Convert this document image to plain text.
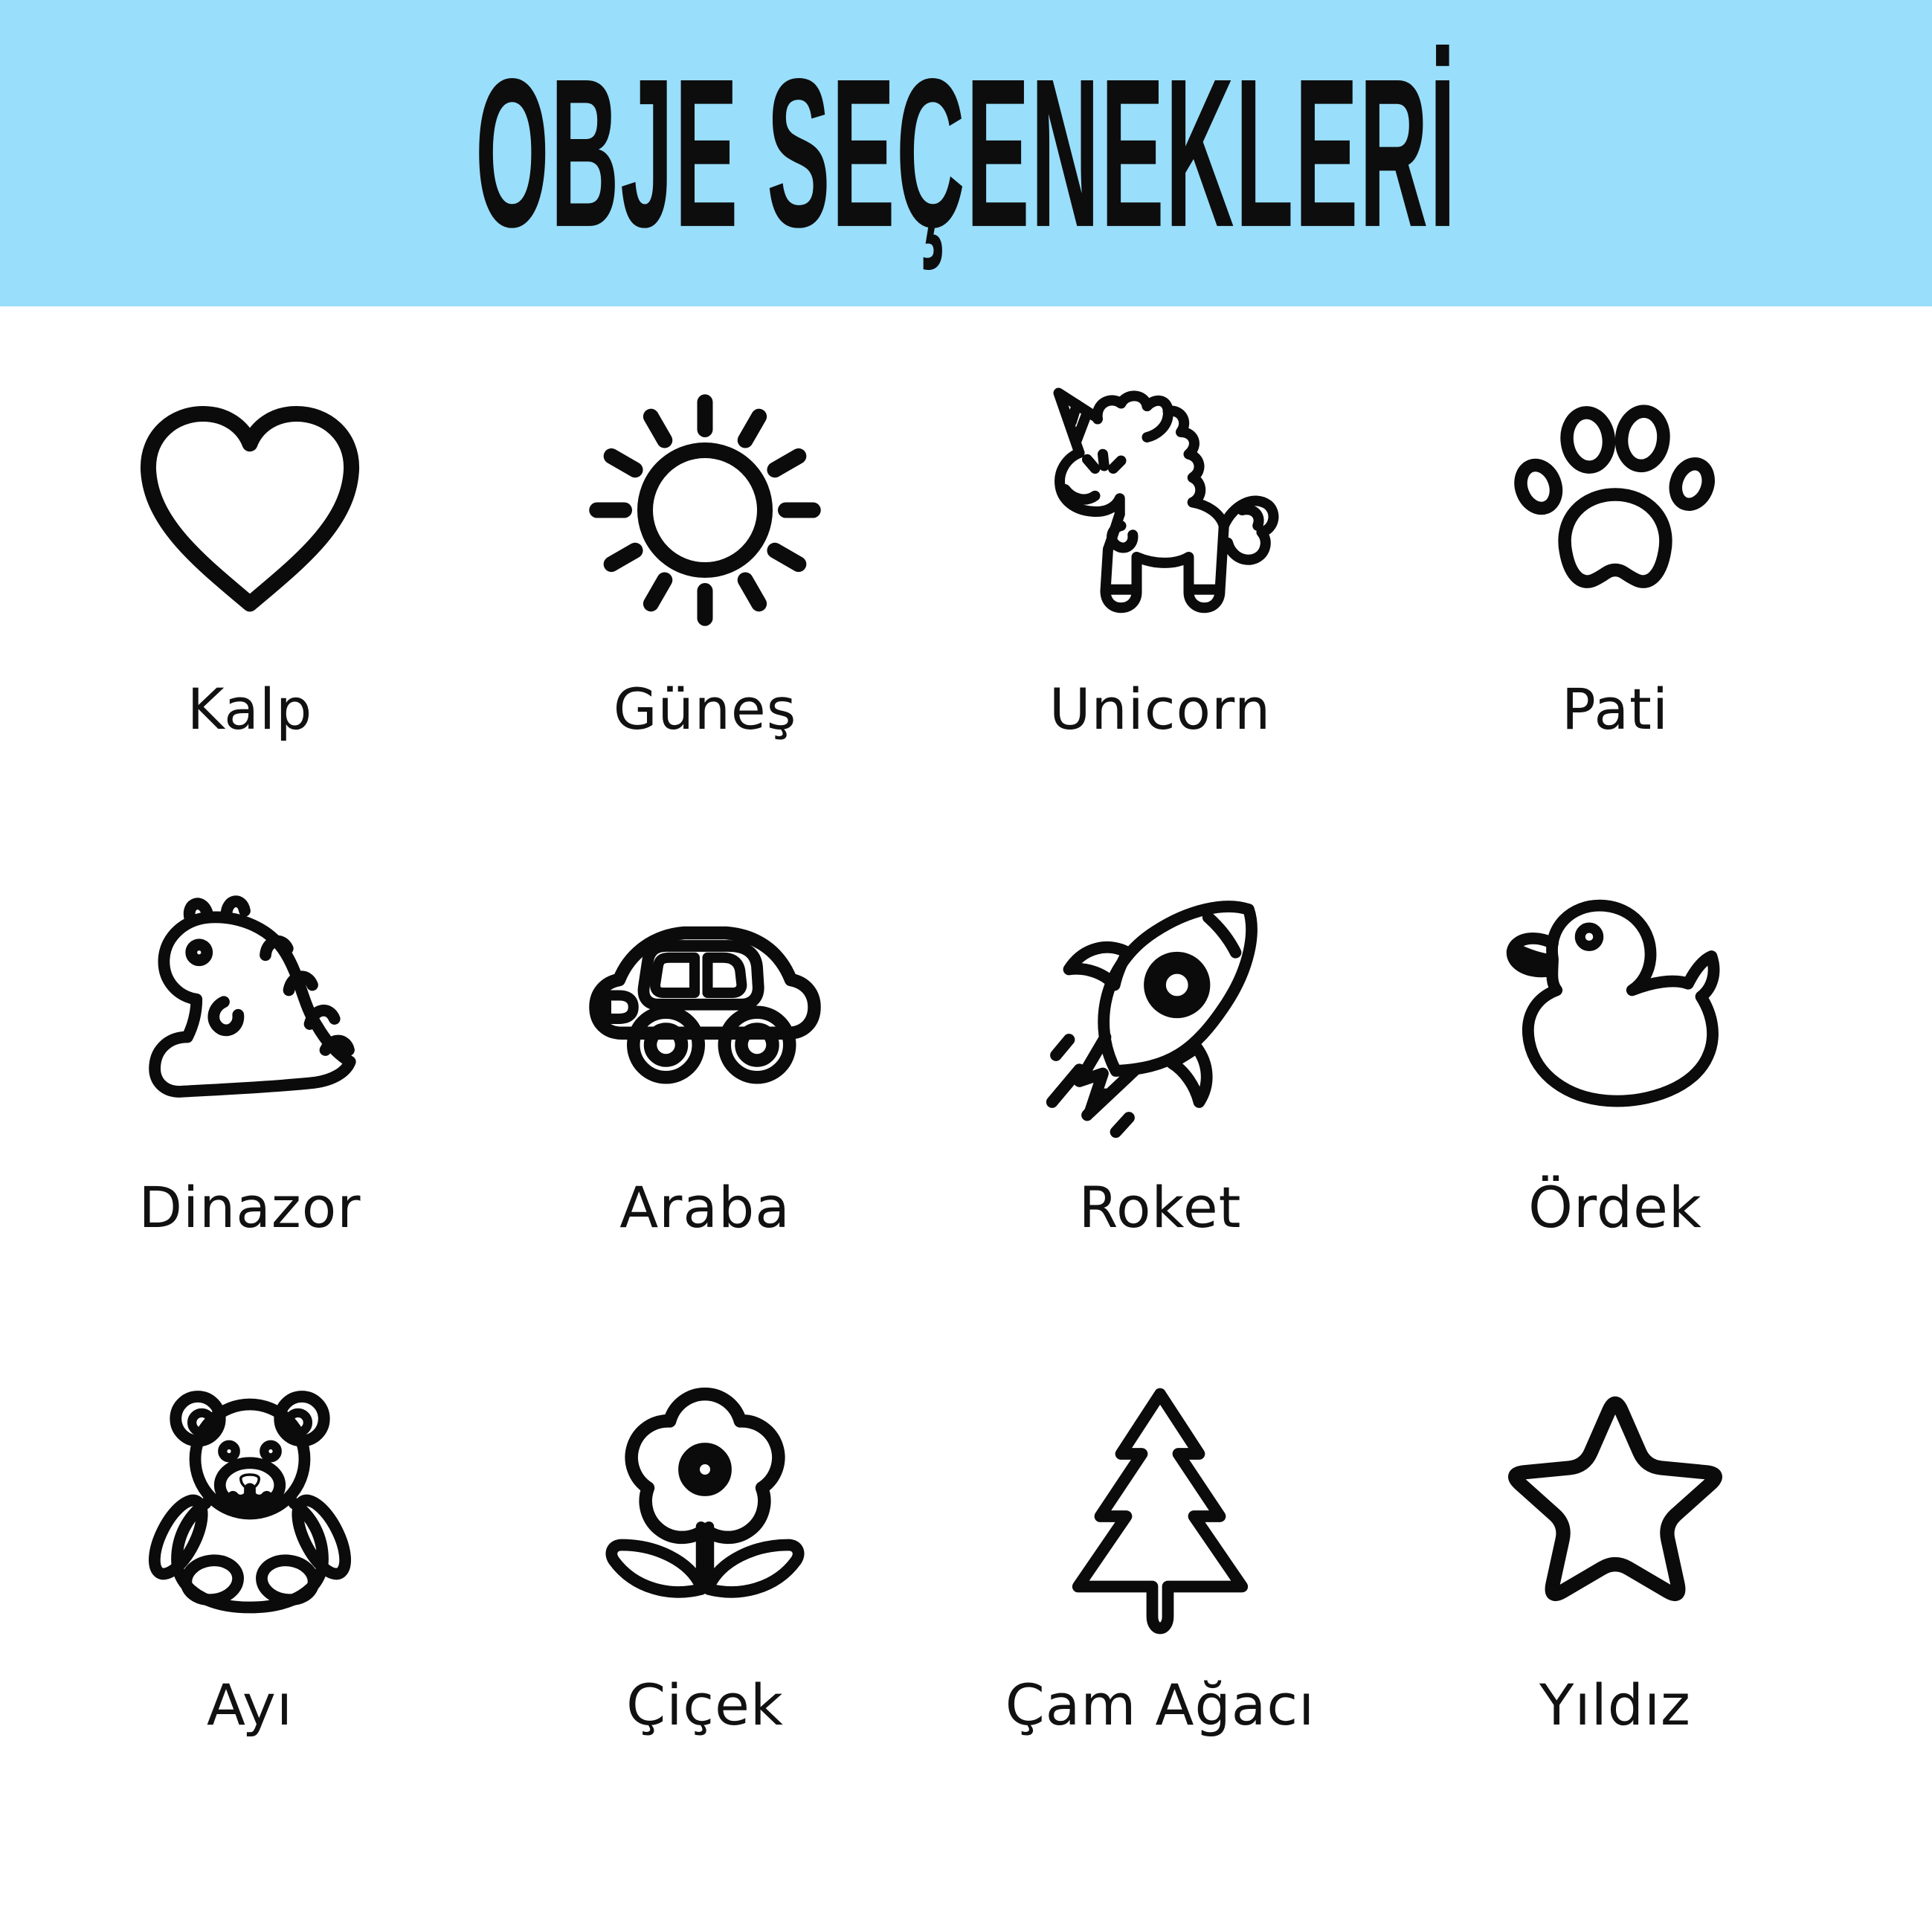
OBJE SEÇENEKLERİ
Kalp	Güneş	Unicorn	Pati
Dinazor	Araba	Roket	Ördek
Ayı	Çiçek	Çam Ağacı	Yıldız
